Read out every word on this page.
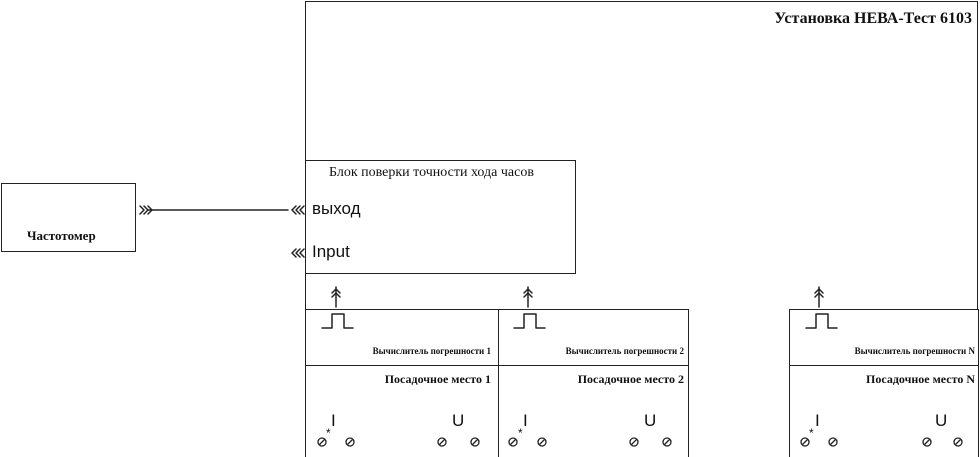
Установка НЕВА-Тест 6103
Частотомер
Блок поверки точности хода часов
выход
Input
Вычислитель погрешности 1
Посадочное место 1
I	U
*
Вычислитель погрешности 2
Посадочное место 2
I	U
*
Вычислитель погрешности N
Посадочное место N
I	U
*
